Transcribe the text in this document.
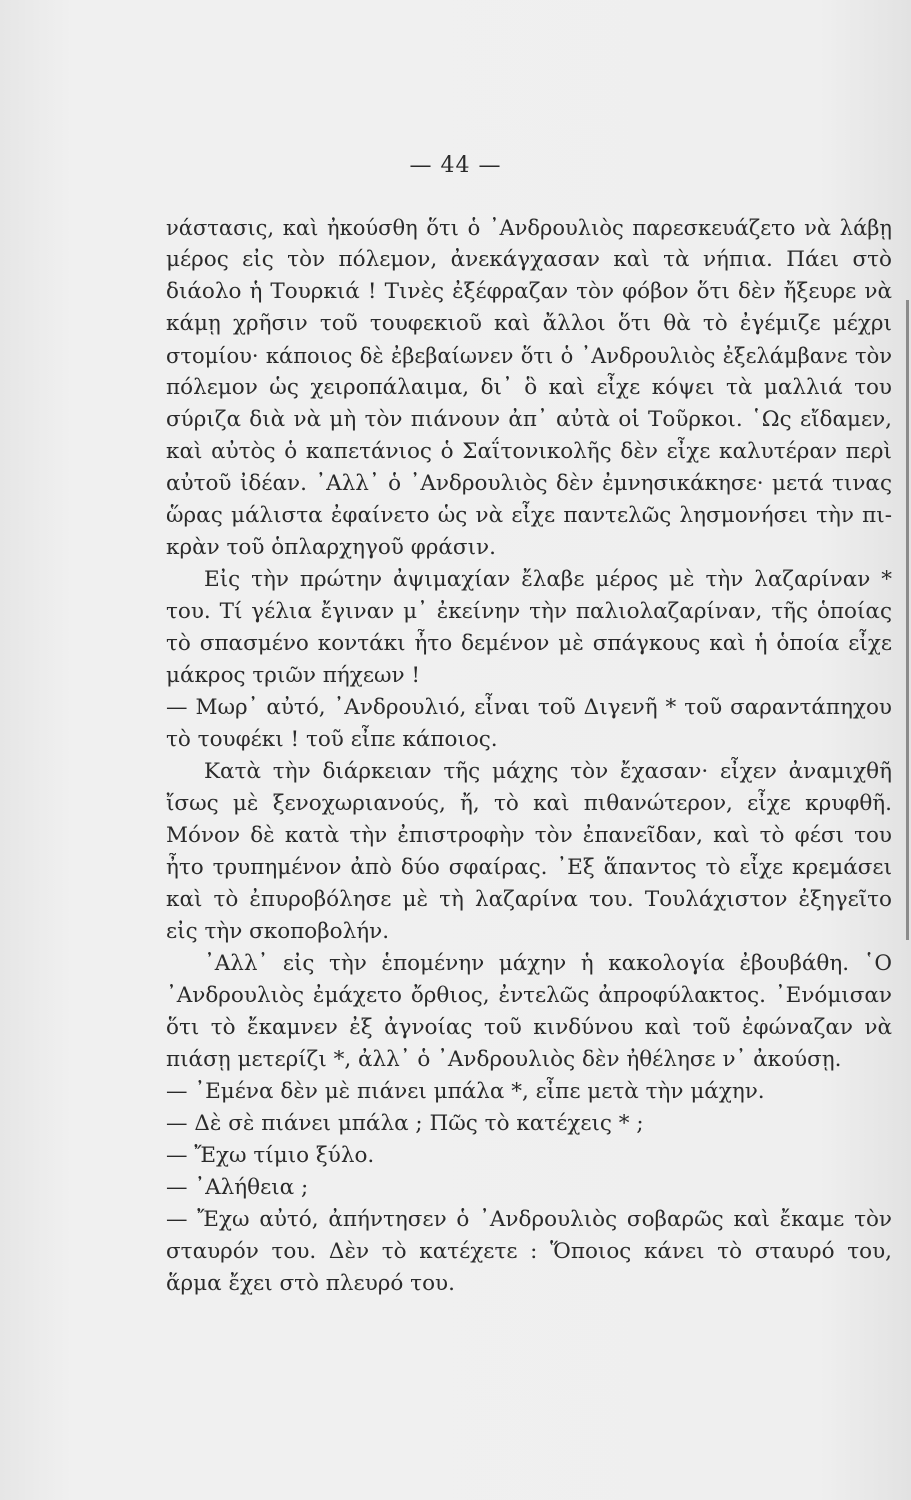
— 44 —
νάστασις, καὶ ἠκούσθη ὅτι ὁ ᾿Ανδρουλιὸς παρεσκευάζετο νὰ λάβῃ
μέρος εἰς τὸν πόλεμον, ἀνεκάγχασαν καὶ τὰ νήπια. Πάει στὸ
διάολο ἡ Τουρκιά ! Τινὲς ἐξέφραζαν τὸν φόβον ὅτι δὲν ἤξευρε νὰ
κάμῃ χρῆσιν τοῦ τουφεκιοῦ καὶ ἄλλοι ὅτι θὰ τὸ ἐγέμιζε μέχρι
στομίου· κάποιος δὲ ἐβεβαίωνεν ὅτι ὁ ᾿Ανδρουλιὸς ἐξελάμβανε τὸν
πόλεμον ὡς χειροπάλαιμα, δι᾿ ὃ καὶ εἶχε κόψει τὰ μαλλιά του
σύριζα διὰ νὰ μὴ τὸν πιάνουν ἀπ᾿ αὐτὰ οἱ Τοῦρκοι. ῾Ως εἴδαμεν,
καὶ αὐτὸς ὁ καπετάνιος ὁ Σαΐτονικολῆς δὲν εἶχε καλυτέραν περὶ
αὐτοῦ ἰδέαν. ᾿Αλλ᾿ ὁ ᾿Ανδρουλιὸς δὲν ἐμνησικάκησε· μετά τινας
ὥρας μάλιστα ἐφαίνετο ὡς νὰ εἶχε παντελῶς λησμονήσει τὴν πι-
κρὰν τοῦ ὁπλαρχηγοῦ φράσιν.
Εἰς τὴν πρώτην ἀψιμαχίαν ἔλαβε μέρος μὲ τὴν λαζαρίναν *
του. Τί γέλια ἔγιναν μ᾿ ἐκείνην τὴν παλιολαζαρίναν, τῆς ὁποίας
τὸ σπασμένο κοντάκι ἦτο δεμένον μὲ σπάγκους καὶ ἡ ὁποία εἶχε
μάκρος τριῶν πήχεων !
— Μωρ᾿ αὐτό, ᾿Ανδρουλιό, εἶναι τοῦ Διγενῆ * τοῦ σαραντάπηχου
τὸ τουφέκι ! τοῦ εἶπε κάποιος.
Κατὰ τὴν διάρκειαν τῆς μάχης τὸν ἔχασαν· εἶχεν ἀναμιχθῆ
ἴσως μὲ ξενοχωριανούς, ἤ, τὸ καὶ πιθανώτερον, εἶχε κρυφθῆ.
Μόνον δὲ κατὰ τὴν ἐπιστροφὴν τὸν ἐπανεῖδαν, καὶ τὸ φέσι του
ἦτο τρυπημένον ἀπὸ δύο σφαίρας. ᾿Εξ ἅπαντος τὸ εἶχε κρεμάσει
καὶ τὸ ἐπυροβόλησε μὲ τὴ λαζαρίνα του. Τουλάχιστον ἐξηγεῖτο
εἰς τὴν σκοποβολήν.
᾿Αλλ᾿ εἰς τὴν ἑπομένην μάχην ἡ κακολογία ἐβουβάθη. ῾Ο
᾿Ανδρουλιὸς ἐμάχετο ὄρθιος, ἐντελῶς ἀπροφύλακτος. ᾿Ενόμισαν
ὅτι τὸ ἔκαμνεν ἐξ ἀγνοίας τοῦ κινδύνου καὶ τοῦ ἐφώναζαν νὰ
πιάσῃ μετερίζι *, ἀλλ᾿ ὁ ᾿Ανδρουλιὸς δὲν ἠθέλησε ν᾿ ἀκούσῃ.
— ᾿Εμένα δὲν μὲ πιάνει μπάλα *, εἶπε μετὰ τὴν μάχην.
— Δὲ σὲ πιάνει μπάλα ; Πῶς τὸ κατέχεις * ;
— Ἔχω τίμιο ξύλο.
— ᾿Αλήθεια ;
— Ἔχω αὐτό, ἀπήντησεν ὁ ᾿Ανδρουλιὸς σοβαρῶς καὶ ἔκαμε τὸν
σταυρόν του. Δὲν τὸ κατέχετε : Ὅποιος κάνει τὸ σταυρό του,
ἅρμα ἔχει στὸ πλευρό του.
